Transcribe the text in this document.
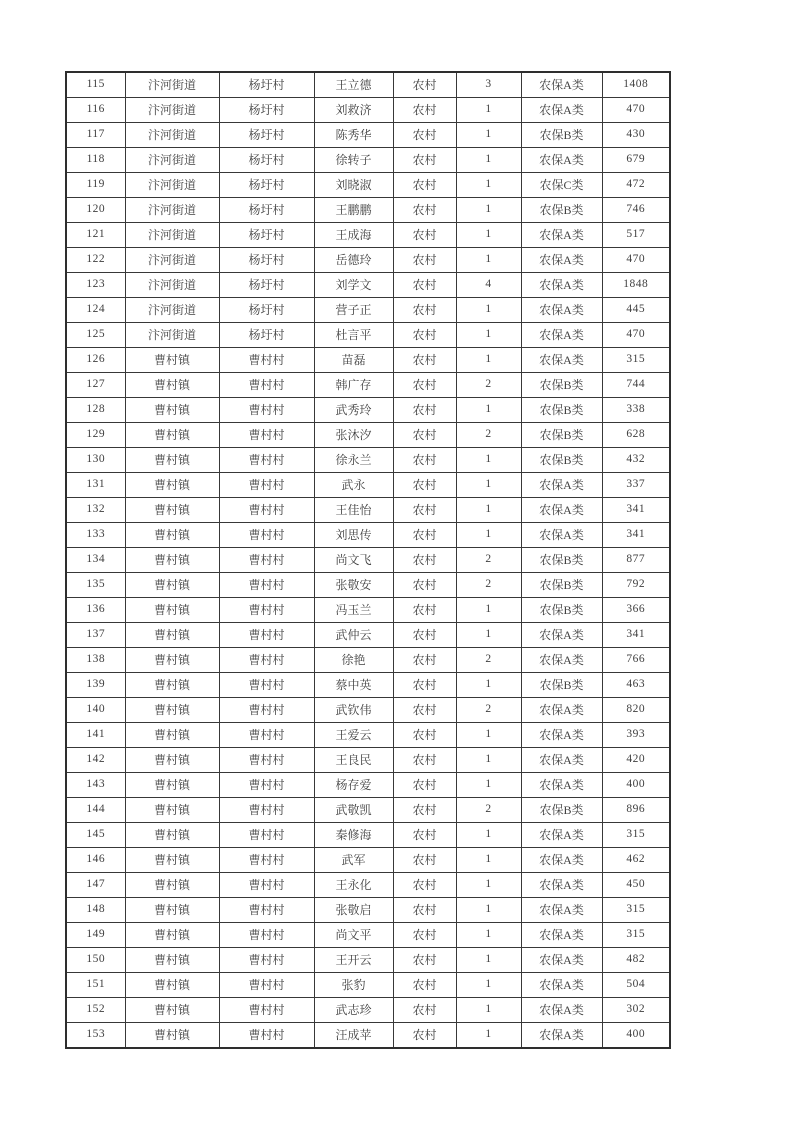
115	汴河街道	杨圩村	王立德	农村	3	农保A类	1408
116	汴河街道	杨圩村	刘救济	农村	1	农保A类	470
117	汴河街道	杨圩村	陈秀华	农村	1	农保B类	430
118	汴河街道	杨圩村	徐转子	农村	1	农保A类	679
119	汴河街道	杨圩村	刘晓淑	农村	1	农保C类	472
120	汴河街道	杨圩村	王鹏鹏	农村	1	农保B类	746
121	汴河街道	杨圩村	王成海	农村	1	农保A类	517
122	汴河街道	杨圩村	岳德玲	农村	1	农保A类	470
123	汴河街道	杨圩村	刘学文	农村	4	农保A类	1848
124	汴河街道	杨圩村	营子正	农村	1	农保A类	445
125	汴河街道	杨圩村	杜言平	农村	1	农保A类	470
126	曹村镇	曹村村	苗磊	农村	1	农保A类	315
127	曹村镇	曹村村	韩广存	农村	2	农保B类	744
128	曹村镇	曹村村	武秀玲	农村	1	农保B类	338
129	曹村镇	曹村村	张沐汐	农村	2	农保B类	628
130	曹村镇	曹村村	徐永兰	农村	1	农保B类	432
131	曹村镇	曹村村	武永	农村	1	农保A类	337
132	曹村镇	曹村村	王佳怡	农村	1	农保A类	341
133	曹村镇	曹村村	刘思传	农村	1	农保A类	341
134	曹村镇	曹村村	尚文飞	农村	2	农保B类	877
135	曹村镇	曹村村	张敬安	农村	2	农保B类	792
136	曹村镇	曹村村	冯玉兰	农村	1	农保B类	366
137	曹村镇	曹村村	武仲云	农村	1	农保A类	341
138	曹村镇	曹村村	徐艳	农村	2	农保A类	766
139	曹村镇	曹村村	蔡中英	农村	1	农保B类	463
140	曹村镇	曹村村	武钦伟	农村	2	农保A类	820
141	曹村镇	曹村村	王爱云	农村	1	农保A类	393
142	曹村镇	曹村村	王良民	农村	1	农保A类	420
143	曹村镇	曹村村	杨存爱	农村	1	农保A类	400
144	曹村镇	曹村村	武敬凯	农村	2	农保B类	896
145	曹村镇	曹村村	秦修海	农村	1	农保A类	315
146	曹村镇	曹村村	武军	农村	1	农保A类	462
147	曹村镇	曹村村	王永化	农村	1	农保A类	450
148	曹村镇	曹村村	张敬启	农村	1	农保A类	315
149	曹村镇	曹村村	尚文平	农村	1	农保A类	315
150	曹村镇	曹村村	王开云	农村	1	农保A类	482
151	曹村镇	曹村村	张豹	农村	1	农保A类	504
152	曹村镇	曹村村	武志珍	农村	1	农保A类	302
153	曹村镇	曹村村	汪成苹	农村	1	农保A类	400
